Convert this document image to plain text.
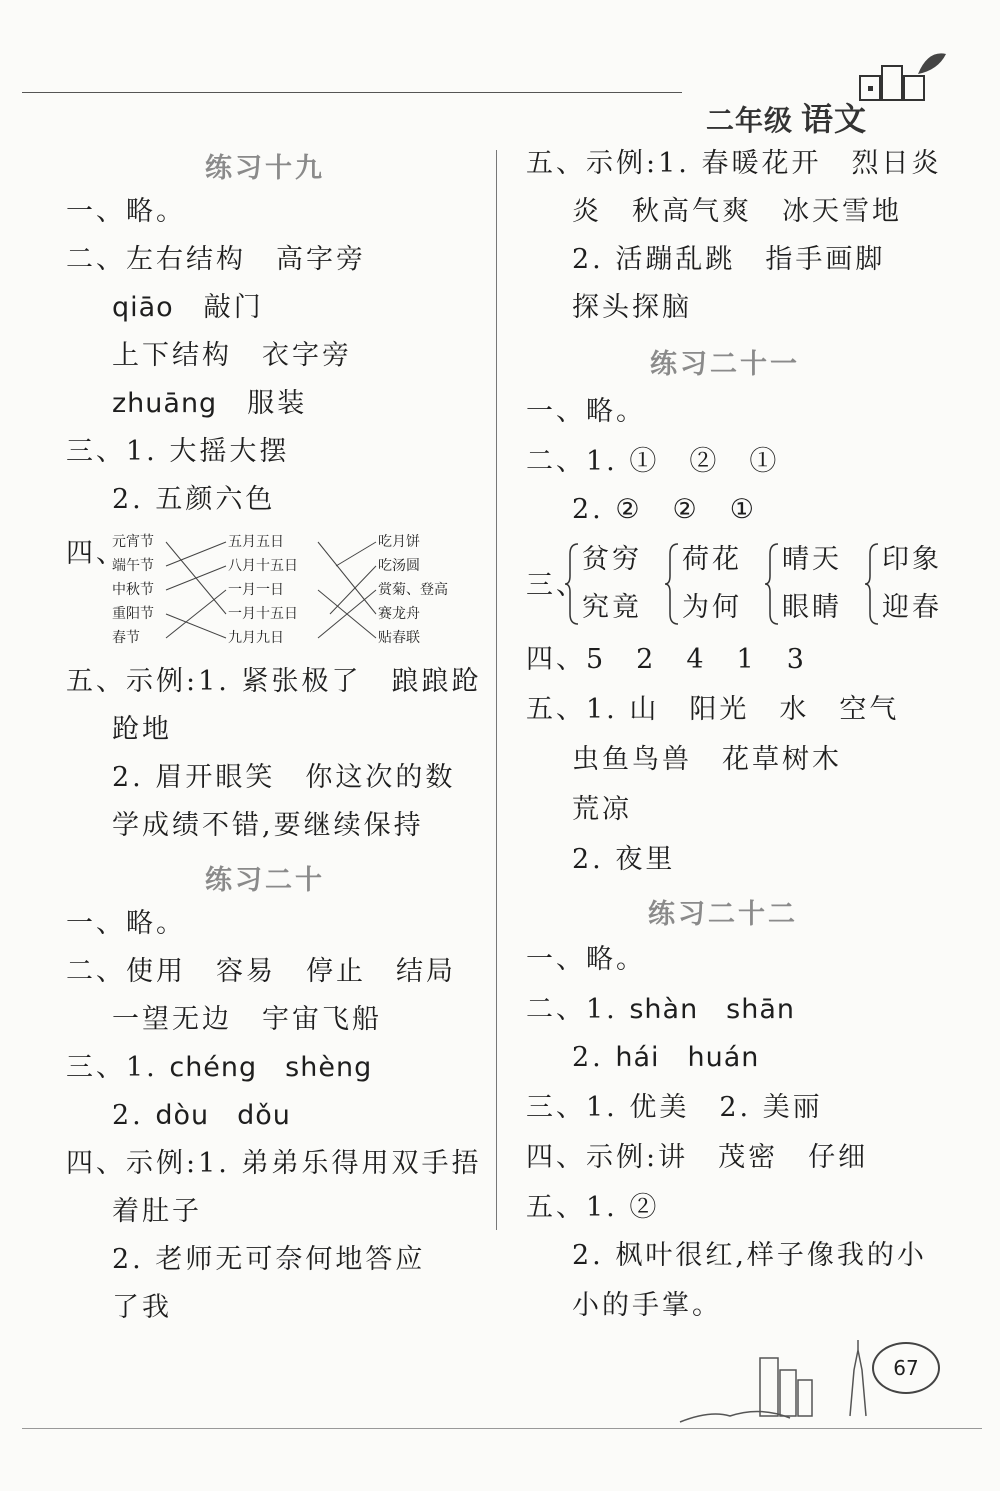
二年级 语文
练习十九
一、略。
二、左右结构　高字旁
qiāo 敲门
上下结构　衣字旁
zhuāng 服装
三、1. 大摇大摆
2. 五颜六色
四、
元宵节
端午节
中秋节
重阳节
春节
五月五日
八月十五日
一月一日
一月十五日
九月九日
吃月饼
吃汤圆
赏菊、登高
赛龙舟
贴春联
五、示例:1. 紧张极了　踉踉跄
跄地
2. 眉开眼笑　你这次的数
学成绩不错,要继续保持
练习二十
一、略。
二、使用　容易　停止　结局
一望无边　宇宙飞船
三、1. chéng　shèng
2. dòu　dǒu
四、示例:1. 弟弟乐得用双手捂
着肚子
2. 老师无可奈何地答应
了我
五、示例:1. 春暖花开　烈日炎
炎　秋高气爽　冰天雪地
2. 活蹦乱跳　指手画脚
探头探脑
练习二十一
一、略。
二、1. ①　②　①
2. ②　②　①
三、
贫穷
究竟
荷花
为何
晴天
眼睛
印象
迎春
四、5　2　4　1　3
五、1. 山　阳光　水　空气
虫鱼鸟兽　花草树木
荒凉
2. 夜里
练习二十二
一、略。
二、1. shàn　shān
2. hái　huán
三、1. 优美　2. 美丽
四、示例:讲　茂密　仔细
五、1. ②
2. 枫叶很红,样子像我的小
小的手掌。
67
